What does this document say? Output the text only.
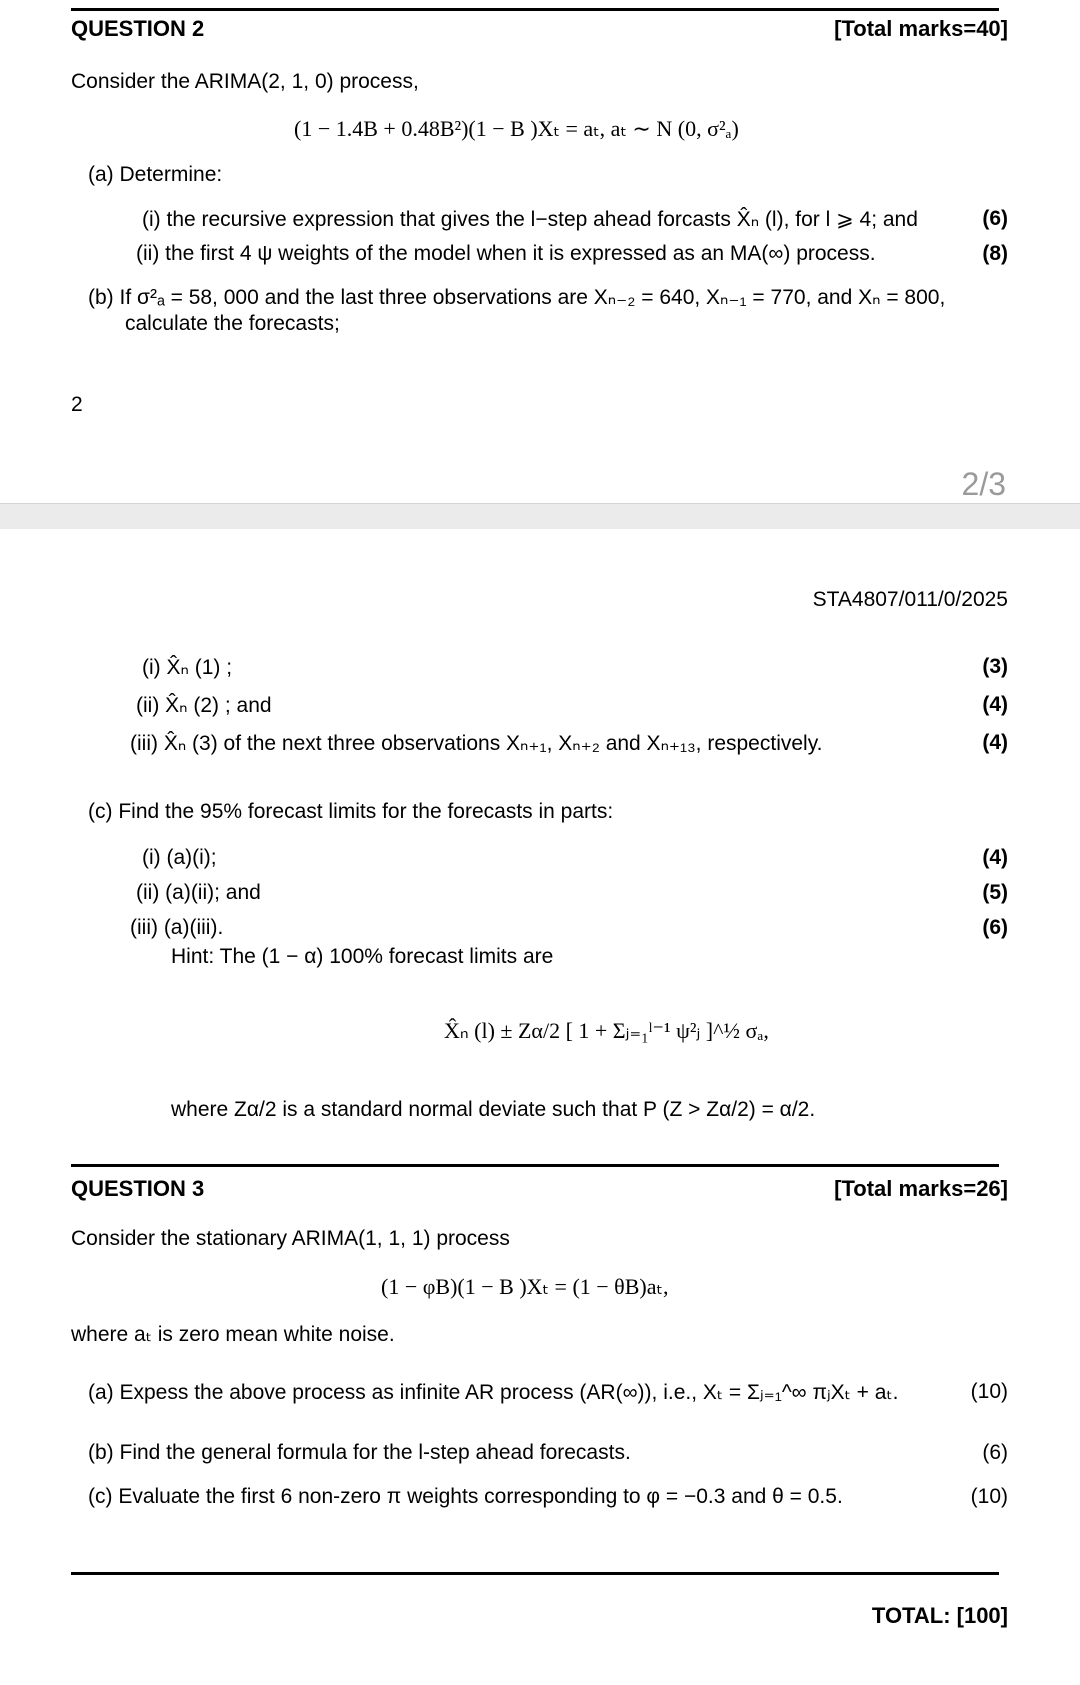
QUESTION 2	[Total marks=40]
Consider the ARIMA(2, 1, 0) process,
(1 − 1.4B + 0.48B²)(1 − B )Xₜ = aₜ, aₜ ∼ N (0, σ²ₐ)
(a) Determine:
(i) the recursive expression that gives the l−step ahead forcasts X̂ₙ (l), for l ⩾ 4; and	(6)
(ii) the first 4 ψ weights of the model when it is expressed as an MA(∞) process.	(8)
(b) If σ²ₐ = 58, 000 and the last three observations are Xₙ₋₂ = 640, Xₙ₋₁ = 770, and Xₙ = 800,
calculate the forecasts;
2
2/3
STA4807/011/0/2025
(i) X̂ₙ (1) ;	(3)
(ii) X̂ₙ (2) ; and	(4)
(iii) X̂ₙ (3) of the next three observations Xₙ₊₁, Xₙ₊₂ and Xₙ₊₁₃, respectively.	(4)
(c) Find the 95% forecast limits for the forecasts in parts:
(i) (a)(i);	(4)
(ii) (a)(ii); and	(5)
(iii) (a)(iii).	(6)
Hint: The (1 − α) 100% forecast limits are
X̂ₙ (l) ± Zα/2 [ 1 + Σⱼ₌₁ˡ⁻¹ ψ²ⱼ ]^½ σₐ,
where Zα/2 is a standard normal deviate such that P (Z > Zα/2) = α/2.
QUESTION 3	[Total marks=26]
Consider the stationary ARIMA(1, 1, 1) process
(1 − φB)(1 − B )Xₜ = (1 − θB)aₜ,
where aₜ is zero mean white noise.
(a) Expess the above process as infinite AR process (AR(∞)), i.e., Xₜ = Σⱼ₌₁^∞ πⱼXₜ + aₜ.	(10)
(b) Find the general formula for the l-step ahead forecasts.	(6)
(c) Evaluate the first 6 non-zero π weights corresponding to φ = −0.3 and θ = 0.5.	(10)
TOTAL: [100]
